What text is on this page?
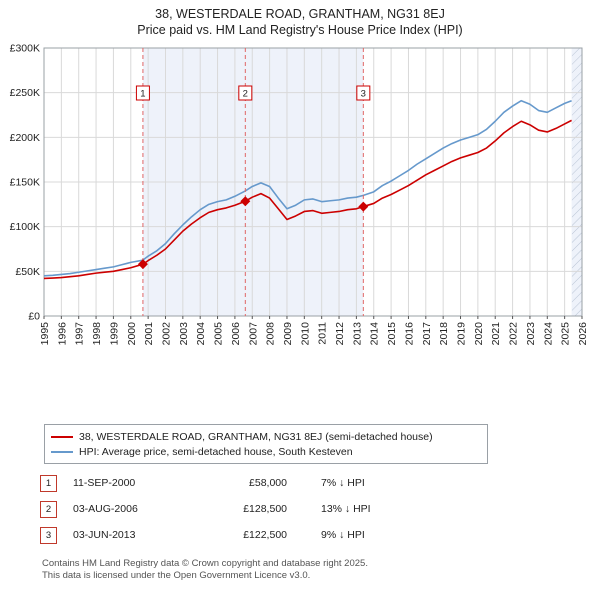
38, WESTERDALE ROAD, GRANTHAM, NG31 8EJ
Price paid vs. HM Land Registry's House Price Index (HPI)
£0
£50K
£100K
£150K
£200K
£250K
£300K
1995 1996 1997 1998 1999 2000 2001 2002 2003 2004 2005 2006 2007 2008 2009 2010 2011 2012 2013 2014 2015 2016 2017 2018 2019 2020 2021 2022 2023 2024 2025 2026
1	2	3
38, WESTERDALE ROAD, GRANTHAM, NG31 8EJ (semi-detached house)
HPI: Average price, semi-detached house, South Kesteven
1	11-SEP-2000	£58,000	7% ↓ HPI
2	03-AUG-2006	£128,500	13% ↓ HPI
3	03-JUN-2013	£122,500	9% ↓ HPI
Contains HM Land Registry data © Crown copyright and database right 2025.
This data is licensed under the Open Government Licence v3.0.
